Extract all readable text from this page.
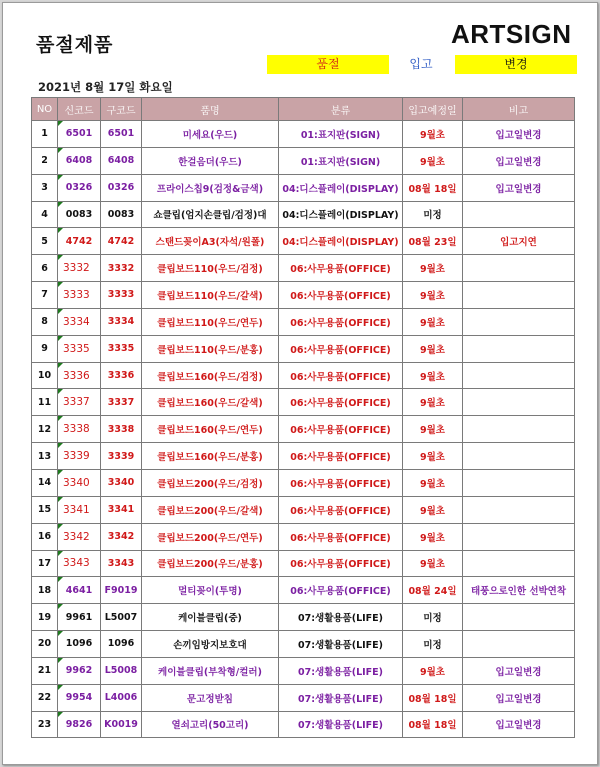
품절제품	ARTSIGN
품절	입고	변경
2021년 8월 17일 화요일
NO	신코드	구코드	품명	분류	입고예정일	비고
1	6501	6501	미세요(우드)	01:표지판(SIGN)	9월초	입고일변경
2	6408	6408	한걸음더(우드)	01:표지판(SIGN)	9월초	입고일변경
3	0326	0326	프라이스칩9(검정&금색)	04:디스플레이(DISPLAY)	08월 18일	입고일변경
4	0083	0083	쇼클립(엄지손클립/검정)대	04:디스플레이(DISPLAY)	미정	
5	4742	4742	스탠드꽂이A3(자석/원폴)	04:디스플레이(DISPLAY)	08월 23일	입고지연
6	3332	3332	클립보드110(우드/검정)	06:사무용품(OFFICE)	9월초	
7	3333	3333	클립보드110(우드/갈색)	06:사무용품(OFFICE)	9월초	
8	3334	3334	클립보드110(우드/연두)	06:사무용품(OFFICE)	9월초	
9	3335	3335	클립보드110(우드/분홍)	06:사무용품(OFFICE)	9월초	
10	3336	3336	클립보드160(우드/검정)	06:사무용품(OFFICE)	9월초	
11	3337	3337	클립보드160(우드/갈색)	06:사무용품(OFFICE)	9월초	
12	3338	3338	클립보드160(우드/연두)	06:사무용품(OFFICE)	9월초	
13	3339	3339	클립보드160(우드/분홍)	06:사무용품(OFFICE)	9월초	
14	3340	3340	클립보드200(우드/검정)	06:사무용품(OFFICE)	9월초	
15	3341	3341	클립보드200(우드/갈색)	06:사무용품(OFFICE)	9월초	
16	3342	3342	클립보드200(우드/연두)	06:사무용품(OFFICE)	9월초	
17	3343	3343	클립보드200(우드/분홍)	06:사무용품(OFFICE)	9월초	
18	4641	F9019	멀티꽂이(투명)	06:사무용품(OFFICE)	08월 24일	태풍으로인한 선박연착
19	9961	L5007	케이블클립(중)	07:생활용품(LIFE)	미정	
20	1096	1096	손끼임방지보호대	07:생활용품(LIFE)	미정	
21	9962	L5008	케이블클립(부착형/컬러)	07:생활용품(LIFE)	9월초	입고일변경
22	9954	L4006	문고정받침	07:생활용품(LIFE)	08월 18일	입고일변경
23	9826	K0019	열쇠고리(50고리)	07:생활용품(LIFE)	08월 18일	입고일변경
